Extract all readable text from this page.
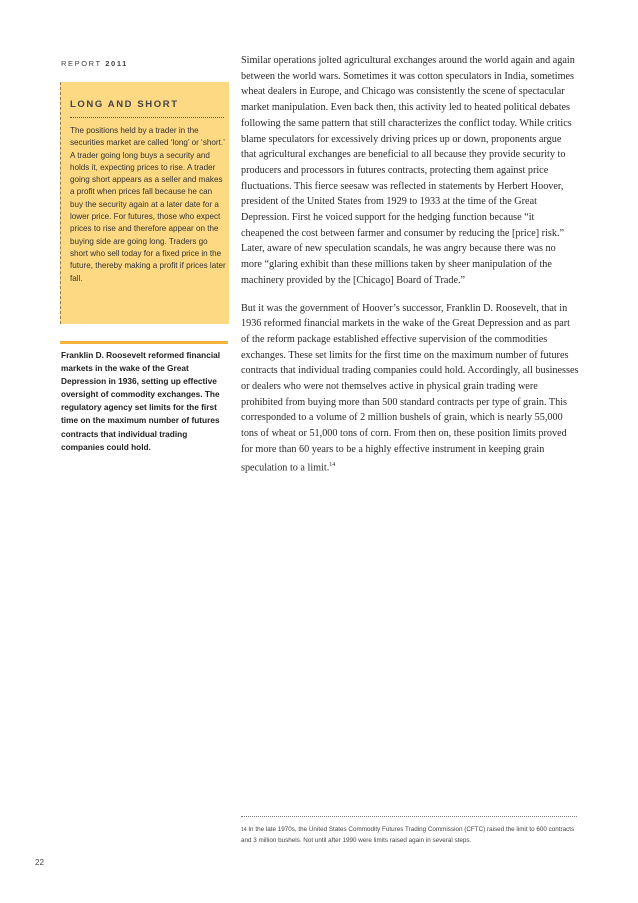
REPORT 2011
LONG AND SHORT
The positions held by a trader in the securities market are called ‘long’ or ‘short.’ A trader going long buys a security and holds it, expecting prices to rise. A trader going short appears as a seller and makes a profit when prices fall because he can buy the security again at a later date for a lower price. For futures, those who expect prices to rise and therefore appear on the buying side are going long. Traders go short who sell today for a fixed price in the future, thereby making a profit if prices later fall.
Franklin D. Roosevelt reformed financial markets in the wake of the Great Depression in 1936, setting up effective oversight of commodity exchanges. The regulatory agency set limits for the first time on the maximum number of futures contracts that individual trading companies could hold.

Similar operations jolted agricultural exchanges around the world again and again between the world wars. Sometimes it was cotton speculators in India, sometimes wheat dealers in Europe, and Chicago was consistently the scene of spectacular market manipulation. Even back then, this activity led to heated political debates following the same pattern that still characterizes the conflict today. While critics blame speculators for excessively driving prices up or down, proponents argue that agricultural exchanges are beneficial to all because they provide security to producers and processors in futures contracts, protecting them against price fluctuations. This fierce seesaw was reflected in statements by Herbert Hoover, president of the United States from 1929 to 1933 at the time of the Great Depression. First he voiced support for the hedging function because “it cheapened the cost between farmer and consumer by reducing the [price] risk.” Later, aware of new speculation scandals, he was angry because there was no more “glaring exhibit than these millions taken by sheer manipulation of the machinery provided by the [Chicago] Board of Trade.”

But it was the government of Hoover’s successor, Franklin D. Roosevelt, that in 1936 reformed financial markets in the wake of the Great Depression and as part of the reform package established effective supervision of the commodities exchanges. These set limits for the first time on the maximum number of futures contracts that individual trading companies could hold. Accordingly, all businesses or dealers who were not themselves active in physical grain trading were prohibited from buying more than 500 standard contracts per type of grain. This corresponded to a volume of 2 million bushels of grain, which is nearly 55,000 tons of wheat or 51,000 tons of corn. From then on, these position limits proved for more than 60 years to be a highly effective instrument in keeping grain speculation to a limit.$^{14}$

$^{14}$ In the late 1970s, the United States Commodity Futures Trading Commission (CFTC) raised the limit to 600 contracts and 3 million bushels. Not until after 1990 were limits raised again in several steps.
22
